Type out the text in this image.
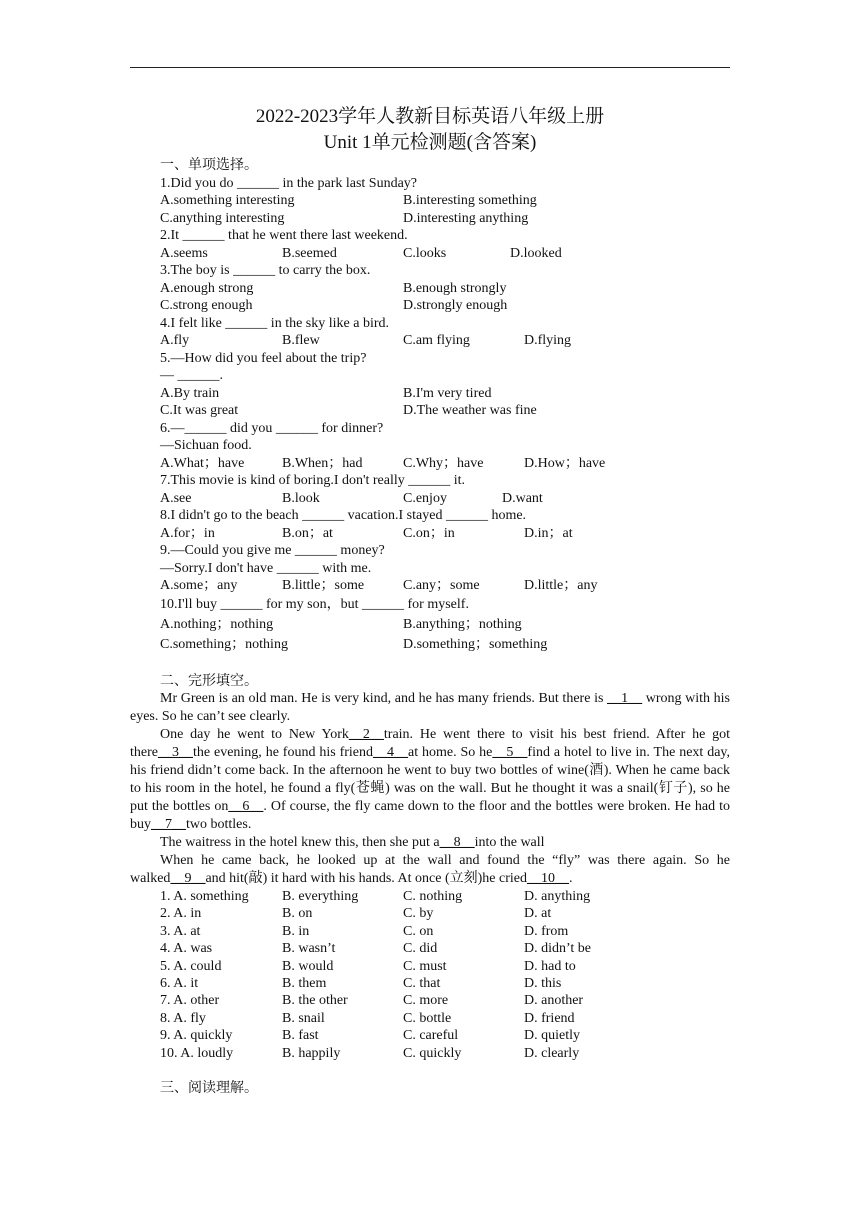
2022-2023学年人教新目标英语八年级上册
Unit 1单元检测题(含答案)
一、单项选择。
1.Did you do ______ in the park last Sunday?
A.something interesting	B.interesting something
C.anything interesting	D.interesting anything
2.It ______ that he went there last weekend.
A.seems	B.seemed	C.looks	D.looked
3.The boy is ______ to carry the box.
A.enough strong	B.enough strongly
C.strong enough	D.strongly enough
4.I felt like ______ in the sky like a bird.
A.fly	B.flew	C.am flying	D.flying
5.—How did you feel about the trip?
— ______.
A.By train	B.I'm very tired
C.It was great	D.The weather was fine
6.—______ did you ______ for dinner?
—Sichuan food.
A.What；have	B.When；had	C.Why；have	D.How；have
7.This movie is kind of boring.I don't really ______ it.
A.see	B.look	C.enjoy	D.want
8.I didn't go to the beach ______ vacation.I stayed ______ home.
A.for；in	B.on；at	C.on；in	D.in；at
9.—Could you give me ______ money?
—Sorry.I don't have ______ with me.
A.some；any	B.little；some	C.any；some	D.little；any
10.I'll buy ______ for my son，but ______ for myself.
A.nothing；nothing	B.anything；nothing
C.something；nothing	D.something；something
二、完形填空。
Mr Green is an old man. He is very kind, and he has many friends. But there is __1__ wrong with his eyes. So he can’t see clearly.
One day he went to New York__2__train. He went there to visit his best friend. After he got there__3__the evening, he found his friend__4__at home. So he__5__find a hotel to live in. The next day, his friend didn’t come back. In the afternoon he went to buy two bottles of wine(酒). When he came back to his room in the hotel, he found a fly(苍蝇) was on the wall. But he thought it was a snail(钉子), so he put the bottles on__6__. Of course, the fly came down to the floor and the bottles were broken. He had to buy__7__two bottles.
The waitress in the hotel knew this, then she put a__8__into the wall
When he came back, he looked up at the wall and found the “fly” was there again. So he walked__9__and hit(敲) it hard with his hands. At once (立刻)he cried__10__.
1. A. something B. everything	C. nothing	D. anything
2. A. in	B. on	C. by	D. at
3. A. at	B. in	C. on	D. from
4. A. was	B. wasn’t	C. did	D. didn’t be
5. A. could	B. would	C. must	D. had to
6. A. it	B. them	C. that	D. this
7. A. other	B. the other	C. more	D. another
8. A. fly	B. snail	C. bottle	D. friend
9. A. quickly	B. fast	C. careful	D. quietly
10. A. loudly	B. happily	C. quickly	D. clearly
三、阅读理解。
